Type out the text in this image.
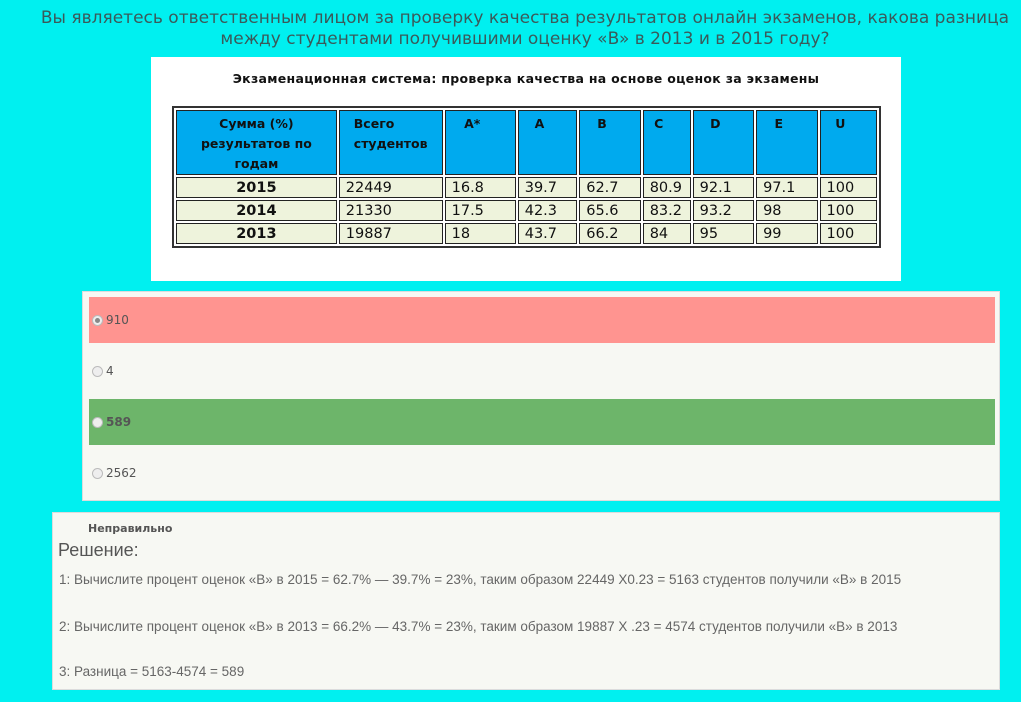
Вы являетесь ответственным лицом за проверку качества результатов онлайн экзаменов, какова разница
между студентами получившими оценку «B» в 2013 и в 2015 году?
Экзаменационная система: проверка качества на основе оценок за экзамены
Сумма (%) результатов по годам	Всего студентов	A*	A	B	C	D	E	U
2015	22449	16.8	39.7	62.7	80.9	92.1	97.1	100
2014	21330	17.5	42.3	65.6	83.2	93.2	98	100
2013	19887	18	43.7	66.2	84	95	99	100
910
4
589
2562
Неправильно
Решение:
1: Вычислите процент оценок «B» в 2015 = 62.7% — 39.7% = 23%, таким образом 22449 X0.23 = 5163 студентов получили «B» в 2015
2: Вычислите процент оценок «B» в 2013 = 66.2% — 43.7% = 23%, таким образом 19887 X .23 = 4574 студентов получили «B» в 2013
3: Разница = 5163-4574 = 589
